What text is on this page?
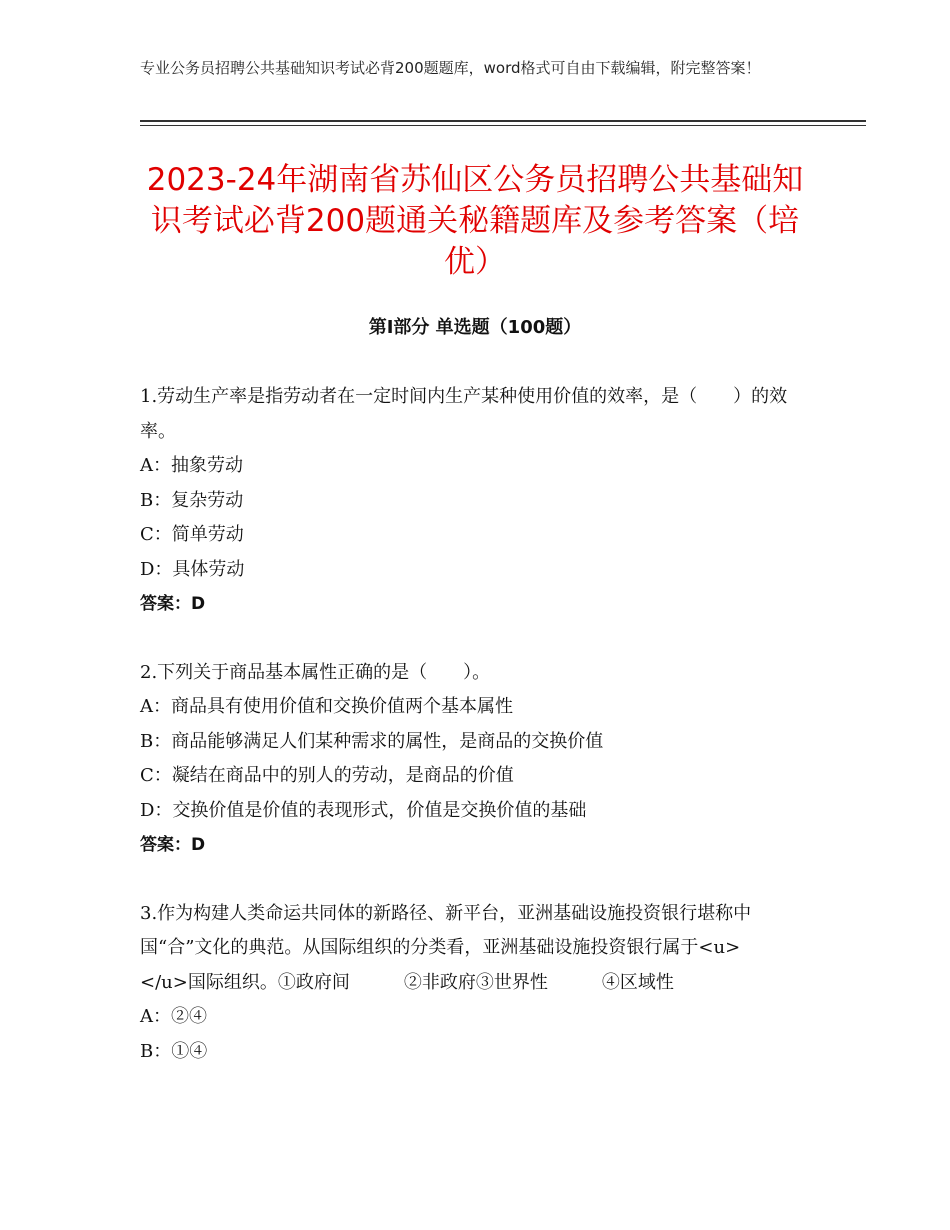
专业公务员招聘公共基础知识考试必背200题题库，word格式可自由下载编辑，附完整答案！
2023-24年湖南省苏仙区公务员招聘公共基础知识考试必背200题通关秘籍题库及参考答案（培优）
第Ⅰ部分 单选题（100题）
1.劳动生产率是指劳动者在一定时间内生产某种使用价值的效率，是（　　）的效率。
A：抽象劳动
B：复杂劳动
C：简单劳动
D：具体劳动
答案：D
2.下列关于商品基本属性正确的是（　　）。
A：商品具有使用价值和交换价值两个基本属性
B：商品能够满足人们某种需求的属性，是商品的交换价值
C：凝结在商品中的别人的劳动，是商品的价值
D：交换价值是价值的表现形式，价值是交换价值的基础
答案：D
3.作为构建人类命运共同体的新路径、新平台，亚洲基础设施投资银行堪称中国“合”文化的典范。从国际组织的分类看，亚洲基础设施投资银行属于<u>　　　　　</u>国际组织。①政府间　　　②非政府③世界性　　　④区域性
A：②④
B：①④
